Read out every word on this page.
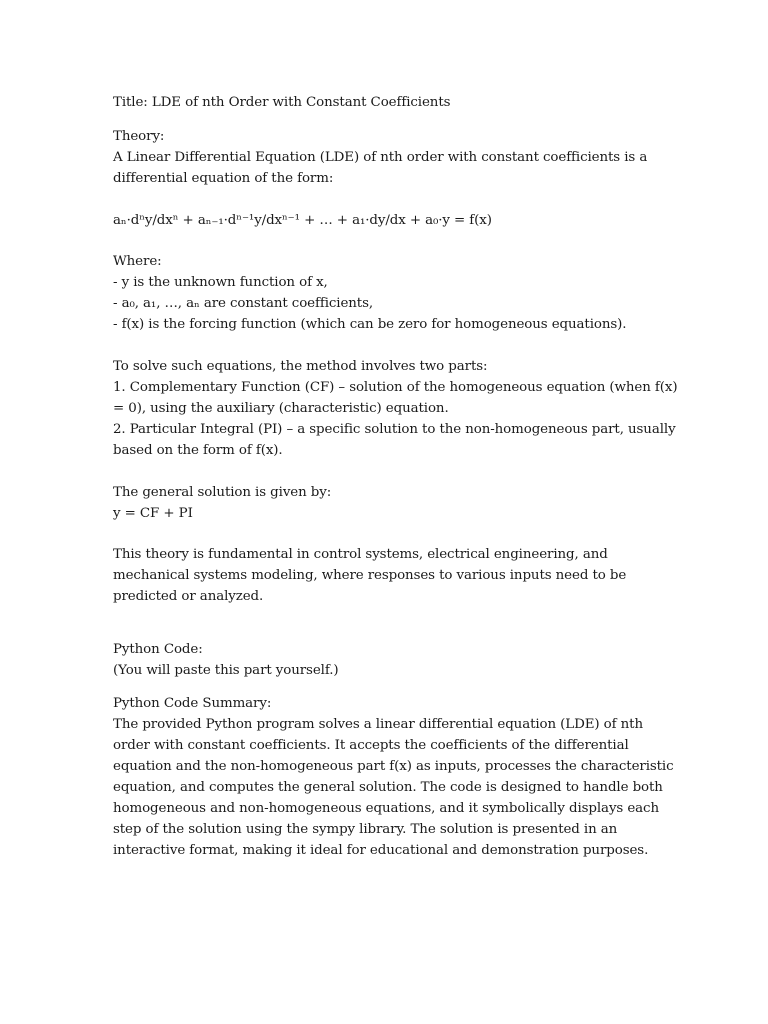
Title: LDE of nth Order with Constant Coefficients
Theory:
A Linear Differential Equation (LDE) of nth order with constant coefficients is a
differential equation of the form:
aₙ·dⁿy/dxⁿ + aₙ₋₁·dⁿ⁻¹y/dxⁿ⁻¹ + … + a₁·dy/dx + a₀·y = f(x)
Where:
- y is the unknown function of x,
- a₀, a₁, …, aₙ are constant coefficients,
- f(x) is the forcing function (which can be zero for homogeneous equations).
To solve such equations, the method involves two parts:
1. Complementary Function (CF) – solution of the homogeneous equation (when f(x)
= 0), using the auxiliary (characteristic) equation.
2. Particular Integral (PI) – a specific solution to the non-homogeneous part, usually
based on the form of f(x).
The general solution is given by:
y = CF + PI
This theory is fundamental in control systems, electrical engineering, and
mechanical systems modeling, where responses to various inputs need to be
predicted or analyzed.
Python Code:
(You will paste this part yourself.)
Python Code Summary:
The provided Python program solves a linear differential equation (LDE) of nth
order with constant coefficients. It accepts the coefficients of the differential
equation and the non-homogeneous part f(x) as inputs, processes the characteristic
equation, and computes the general solution. The code is designed to handle both
homogeneous and non-homogeneous equations, and it symbolically displays each
step of the solution using the sympy library. The solution is presented in an
interactive format, making it ideal for educational and demonstration purposes.
